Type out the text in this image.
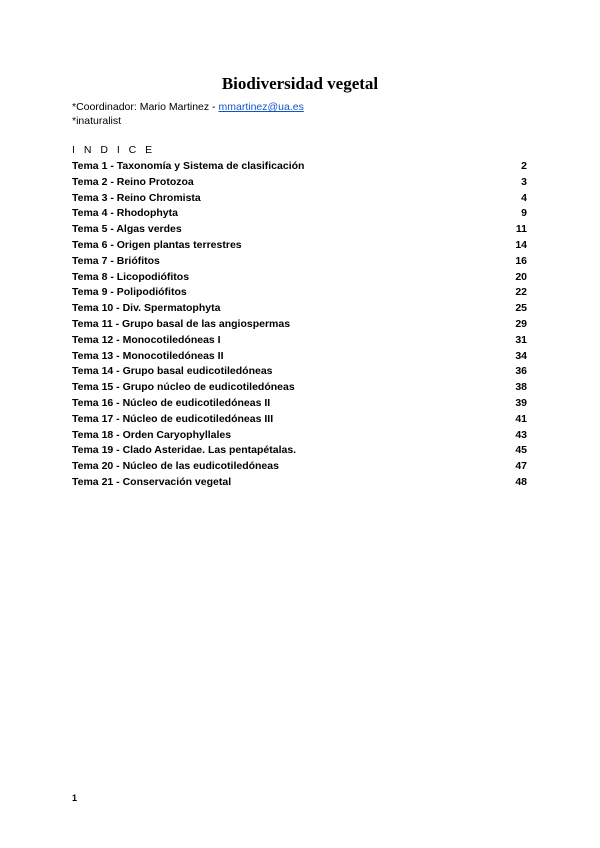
Biodiversidad vegetal
*Coordinador: Mario Martinez - mmartinez@ua.es
*inaturalist
I N D I C E
Tema 1 - Taxonomía y Sistema de clasificación	2
Tema 2 - Reino Protozoa	3
Tema 3 - Reino Chromista	4
Tema 4 - Rhodophyta	9
Tema 5 - Algas verdes	11
Tema 6 - Origen plantas terrestres	14
Tema 7 - Briófitos	16
Tema 8 - Licopodiófitos	20
Tema 9 - Polipodiófitos	22
Tema 10 - Div. Spermatophyta	25
Tema 11 - Grupo basal de las angiospermas	29
Tema 12 - Monocotiledóneas I	31
Tema 13 - Monocotiledóneas II	34
Tema 14 - Grupo basal eudicotiledóneas	36
Tema 15 - Grupo núcleo de eudicotiledóneas	38
Tema 16 - Núcleo de eudicotiledóneas II	39
Tema 17 - Núcleo de eudicotiledóneas III	41
Tema 18 - Orden Caryophyllales	43
Tema 19 - Clado Asteridae. Las pentapétalas.	45
Tema 20 - Núcleo de las eudicotiledóneas	47
Tema 21 - Conservación vegetal	48
1
